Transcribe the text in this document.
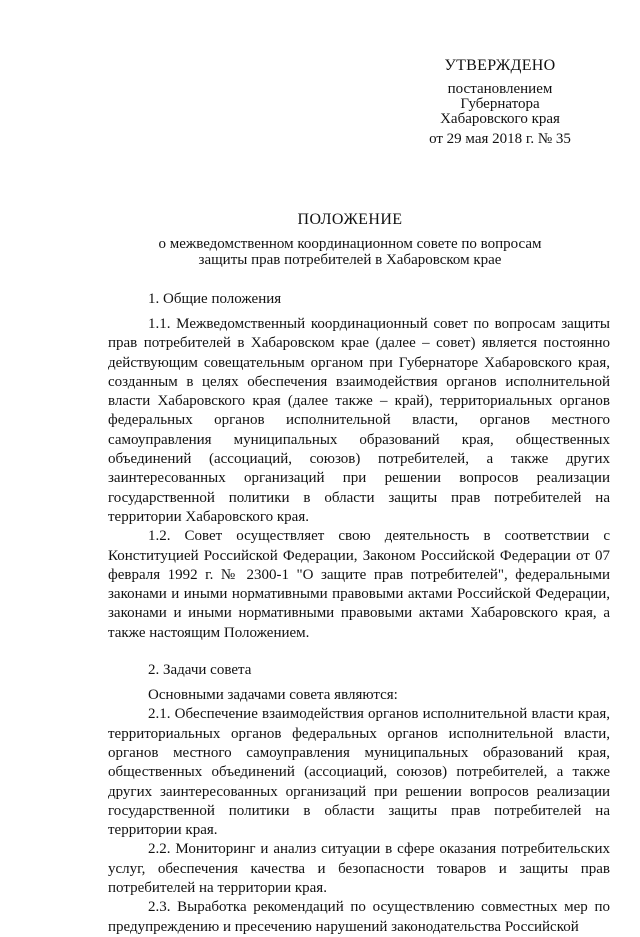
УТВЕРЖДЕНО
постановлением
Губернатора
Хабаровского края
от 29 мая 2018 г. № 35
ПОЛОЖЕНИЕ
о межведомственном координационном совете по вопросам
защиты прав потребителей в Хабаровском крае
1. Общие положения

1.1. Межведомственный координационный совет по вопросам защиты прав потребителей в Хабаровском крае (далее – совет) является постоянно действующим совещательным органом при Губернаторе Хабаровского края, созданным в целях обеспечения взаимодействия органов исполнительной власти Хабаровского края (далее также – край), территориальных органов федеральных органов исполнительной власти, органов местного самоуправления муниципальных образований края, общественных объединений (ассоциаций, союзов) потребителей, а также других заинтересованных организаций при решении вопросов реализации государственной политики в области защиты прав потребителей на территории Хабаровского края.

1.2. Совет осуществляет свою деятельность в соответствии с Конституцией Российской Федерации, Законом Российской Федерации от 07 февраля 1992 г. № 2300-1 "О защите прав потребителей", федеральными законами и иными нормативными правовыми актами Российской Федерации, законами и иными нормативными правовыми актами Хабаровского края, а также настоящим Положением.

2. Задачи совета

Основными задачами совета являются:

2.1. Обеспечение взаимодействия органов исполнительной власти края, территориальных органов федеральных органов исполнительной власти, органов местного самоуправления муниципальных образований края, общественных объединений (ассоциаций, союзов) потребителей, а также других заинтересованных организаций при решении вопросов реализации государственной политики в области защиты прав потребителей на территории края.

2.2. Мониторинг и анализ ситуации в сфере оказания потребительских услуг, обеспечения качества и безопасности товаров и защиты прав потребителей на территории края.

2.3. Выработка рекомендаций по осуществлению совместных мер по предупреждению и пресечению нарушений законодательства Российской
